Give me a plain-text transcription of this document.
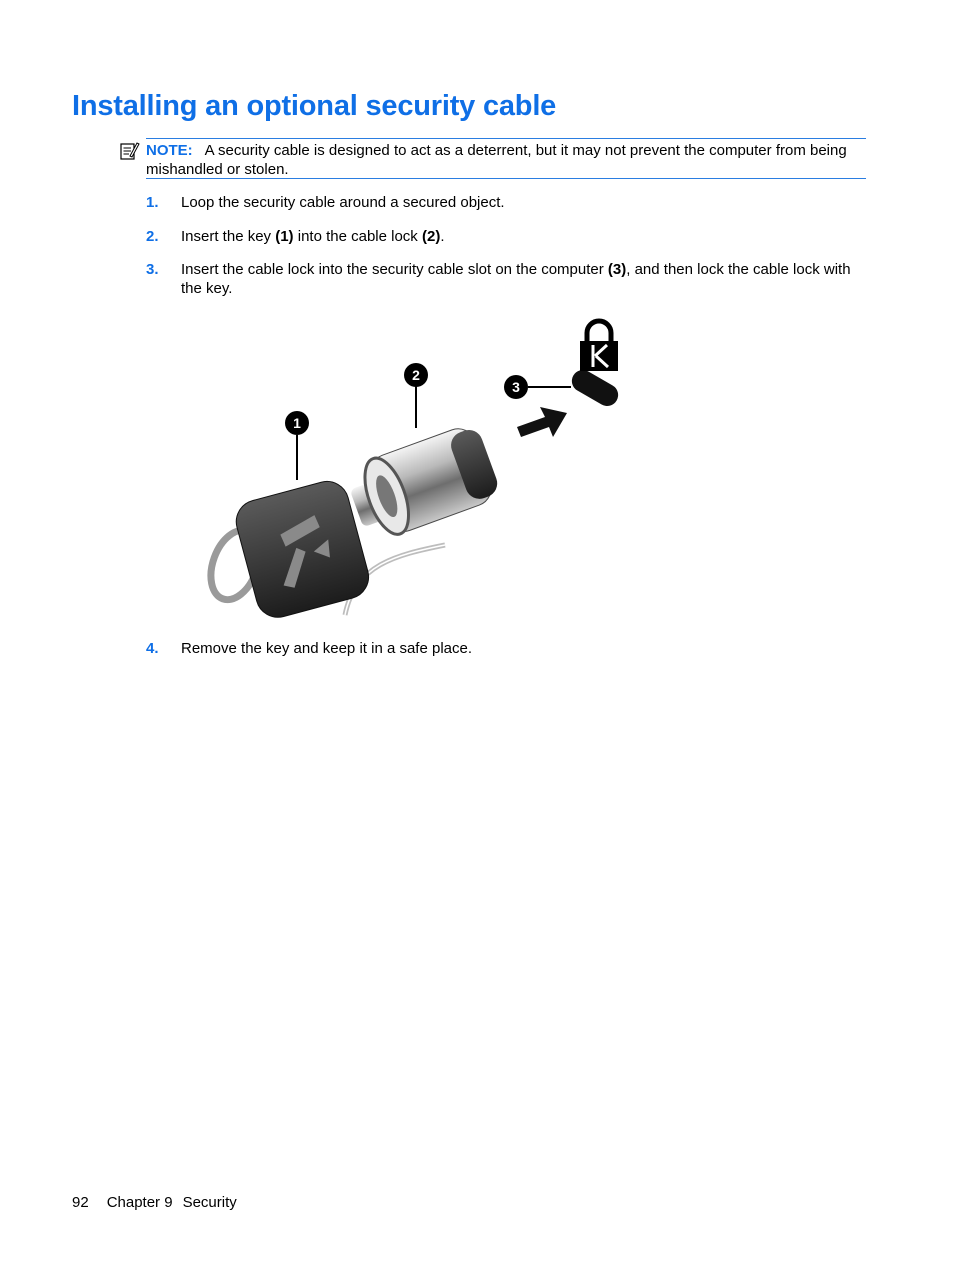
Installing an optional security cable
NOTE: A security cable is designed to act as a deterrent, but it may not prevent the computer from being mishandled or stolen.
1. Loop the security cable around a secured object.
2. Insert the key (1) into the cable lock (2).
3. Insert the cable lock into the security cable slot on the computer (3), and then lock the cable lock with the key.
1
2
3
4. Remove the key and keep it in a safe place.
92 Chapter 9 Security
